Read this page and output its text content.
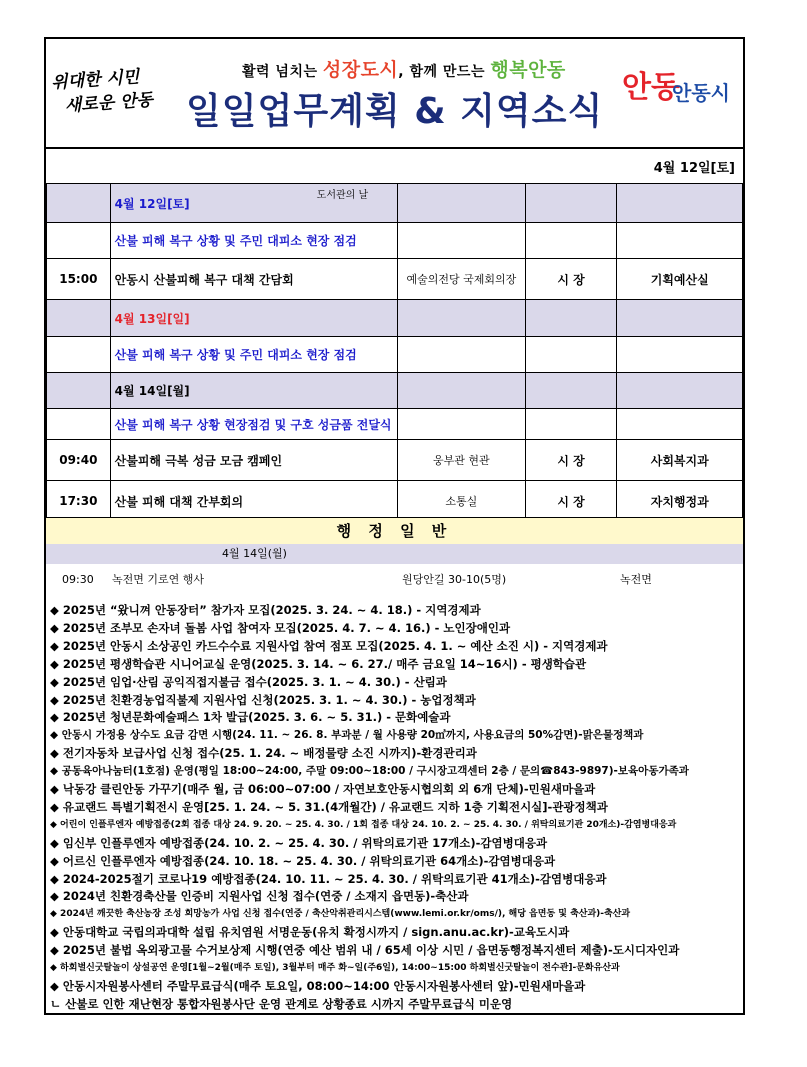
위대한 시민
새로운 안동
활력 넘치는 성장도시, 함께 만드는 행복안동
일일업무계획 & 지역소식
안동
안동시
4월 12일[토]
	4월 12일[토]
도서관의 날			

	산불 피해 복구 상황 및 주민 대피소 현장 점검			
15:00	안동시 산불피해 복구 대책 간담회	예술의전당 국제회의장	시 장	기획예산실
	4월 13일[일]			
	산불 피해 복구 상황 및 주민 대피소 현장 점검			
	4월 14일[월]			
	산불 피해 복구 상황 현장점검 및 구호 성금품 전달식			
09:40	산불피해 극복 성금 모금 캠페인	웅부관 현관	시 장	사회복지과
17:30	산불 피해 대책 간부회의	소통실	시 장	자치행정과
행 정 일 반
4월 14일(월)
09:30 녹전면 기로연 행사	원당안길 30-10(5명)	녹전면
◆ 2025년 “왔니껴 안동장터” 참가자 모집(2025. 3. 24. ~ 4. 18.) - 지역경제과
◆ 2025년 조부모 손자녀 돌봄 사업 참여자 모집(2025. 4. 7. ~ 4. 16.) - 노인장애인과
◆ 2025년 안동시 소상공인 카드수수료 지원사업 참여 점포 모집(2025. 4. 1. ~ 예산 소진 시) - 지역경제과
◆ 2025년 평생학습관 시니어교실 운영(2025. 3. 14. ~ 6. 27./ 매주 금요일 14~16시) - 평생학습관
◆ 2025년 임업·산림 공익직접지불금 접수(2025. 3. 1. ~ 4. 30.) - 산림과
◆ 2025년 친환경농업직불제 지원사업 신청(2025. 3. 1. ~ 4. 30.) - 농업정책과
◆ 2025년 청년문화예술패스 1차 발급(2025. 3. 6. ~ 5. 31.) - 문화예술과
◆ 안동시 가정용 상수도 요금 감면 시행(24. 11. ~ 26. 8. 부과분 / 월 사용량 20㎥까지, 사용요금의 50%감면)-맑은물정책과
◆ 전기자동차 보급사업 신청 접수(25. 1. 24. ~ 배정물량 소진 시까지)-환경관리과
◆ 공동육아나눔터(1호점) 운영(평일 18:00~24:00, 주말 09:00~18:00 / 구시장고객센터 2층 / 문의☎843-9897)-보육아동가족과
◆ 낙동강 클린안동 가꾸기(매주 월, 금 06:00~07:00 / 자연보호안동시협의회 외 6개 단체)-민원새마을과
◆ 유교랜드 특별기획전시 운영[25. 1. 24. ~ 5. 31.(4개월간) / 유교랜드 지하 1층 기획전시실]-관광정책과
◆ 어린이 인플루엔자 예방접종(2회 접종 대상 24. 9. 20. ~ 25. 4. 30. / 1회 접종 대상 24. 10. 2. ~ 25. 4. 30. / 위탁의료기관 20개소)-감염병대응과
◆ 임신부 인플루엔자 예방접종(24. 10. 2. ~ 25. 4. 30. / 위탁의료기관 17개소)-감염병대응과
◆ 어르신 인플루엔자 예방접종(24. 10. 18. ~ 25. 4. 30. / 위탁의료기관 64개소)-감염병대응과
◆ 2024-2025절기 코로나19 예방접종(24. 10. 11. ~ 25. 4. 30. / 위탁의료기관 41개소)-감염병대응과
◆ 2024년 친환경축산물 인증비 지원사업 신청 접수(연중 / 소재지 읍면동)-축산과
◆ 2024년 깨끗한 축산농장 조성 희망농가 사업 신청 접수(연중 / 축산악취관리시스템(www.lemi.or.kr/oms/), 해당 읍면동 및 축산과)-축산과
◆ 안동대학교 국립의과대학 설립 유치염원 서명운동(유치 확정시까지 / sign.anu.ac.kr)-교육도시과
◆ 2025년 불법 옥외광고물 수거보상제 시행(연중 예산 범위 내 / 65세 이상 시민 / 읍면동행정복지센터 제출)-도시디자인과
◆ 하회별신굿탈놀이 상설공연 운영[1월~2월(매주 토일), 3월부터 매주 화~일(주6일), 14:00~15:00 하회별신굿탈놀이 전수관]-문화유산과
◆ 안동시자원봉사센터 주말무료급식(매주 토요일, 08:00~14:00 안동시자원봉사센터 앞)-민원새마을과
ㄴ 산불로 인한 재난현장 통합자원봉사단 운영 관계로 상황종료 시까지 주말무료급식 미운영
